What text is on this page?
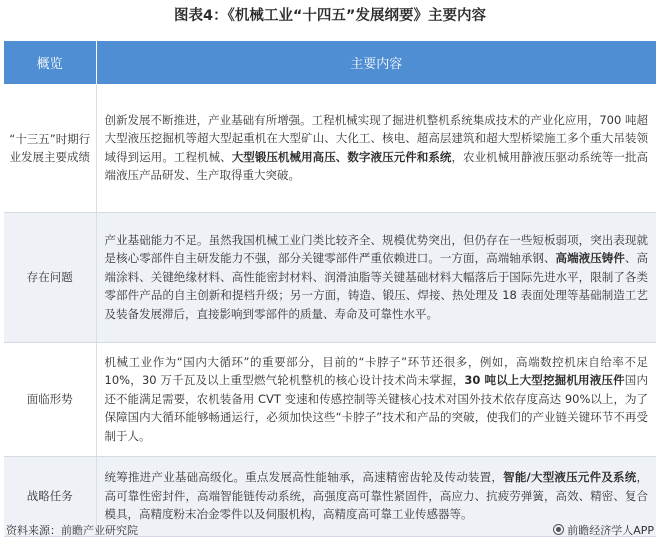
图表4：《机械工业“十四五”发展纲要》主要内容
概览	主要内容

“十三五”时期行
业发展主要成绩	创新发展不断推进，产业基础有所增强。工程机械实现了掘进机整机系统集成技术的产业化应用，700 吨超大型液压挖掘机等超大型起重机在大型矿山、大化工、核电、超高层建筑和超大型桥梁施工多个重大吊装领域得到运用。工程机械、大型锻压机械用高压、数字液压元件和系统，农业机械用静液压驱动系统等一批高端液压产品研发、生产取得重大突破。

存在问题	产业基础能力不足。虽然我国机械工业门类比较齐全、规模优势突出，但仍存在一些短板弱项，突出表现就是核心零部件自主研发能力不强，部分关键零部件严重依赖进口。一方面，高端轴承钢、高端液压铸件、高端涂料、关键绝缘材料、高性能密封材料、润滑油脂等关键基础材料大幅落后于国际先进水平，限制了各类零部件产品的自主创新和提档升级；另一方面，铸造、锻压、焊接、热处理及 18 表面处理等基础制造工艺及装备发展滞后，直接影响到零部件的质量、寿命及可靠性水平。

面临形势	机械工业作为“国内大循环”的重要部分，目前的“卡脖子”环节还很多，例如，高端数控机床自给率不足 10%，30 万千瓦及以上重型燃气轮机整机的核心设计技术尚未掌握，30 吨以上大型挖掘机用液压件国内还不能满足需要，农机装备用 CVT 变速和传感控制等关键核心技术对国外技术依存度高达 90%以上，为了保障国内大循环能够畅通运行，必须加快这些“卡脖子”技术和产品的突破，使我们的产业链关键环节不再受制于人。

战略任务	统筹推进产业基础高级化。重点发展高性能轴承，高速精密齿轮及传动装置，智能/大型液压元件及系统，高可靠性密封件，高端智能链传动系统，高强度高可靠性紧固件，高应力、抗疲劳弹簧，高效、精密、复合模具，高精度粉末冶金零件以及伺服机构，高精度高可靠工业传感器等。
资料来源：前瞻产业研究院	前瞻经济学人APP
